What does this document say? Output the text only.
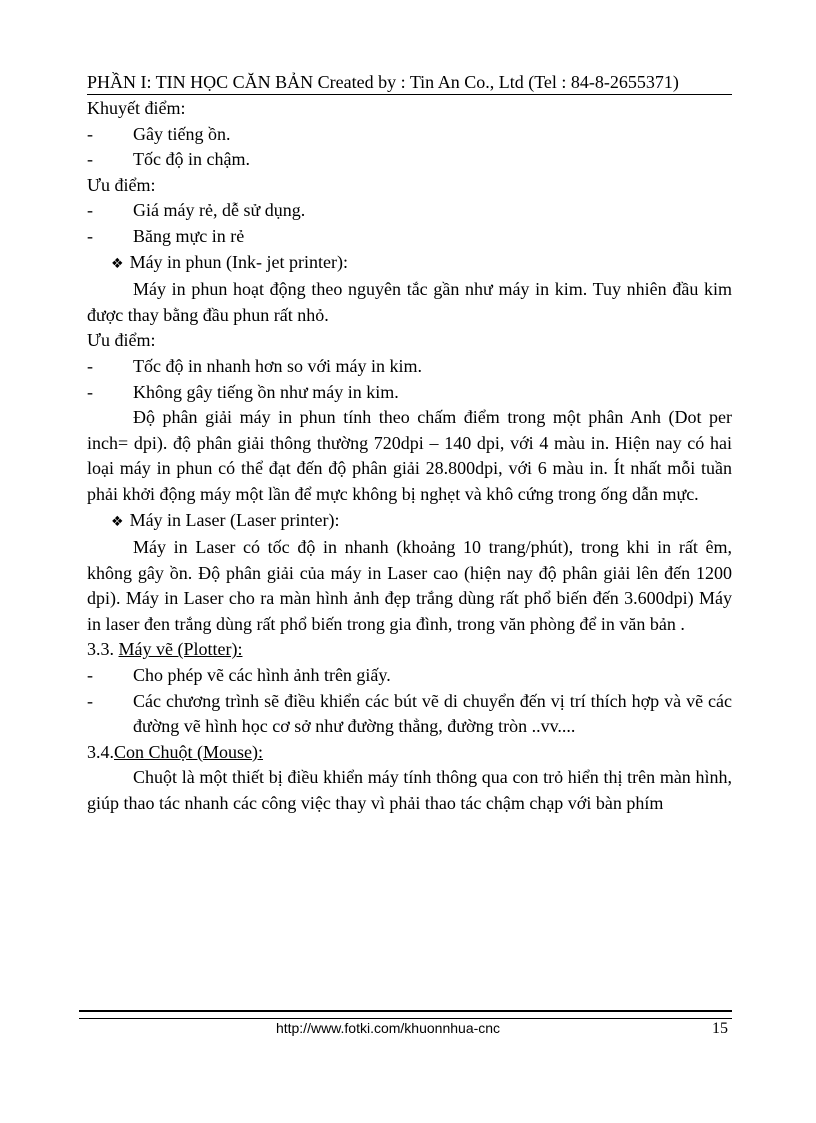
PHẦN I: TIN HỌC CĂN BẢN Created by : Tin An Co., Ltd (Tel : 84-8-2655371)

Khuyết điểm:

-	Gây tiếng ồn.
-	Tốc độ in chậm.

Ưu điểm:

-	Giá máy rẻ, dễ sử dụng.
-	Băng mực in rẻ

❖ Máy in phun (Ink- jet printer):

Máy in phun hoạt động theo nguyên tắc gần như máy in kim. Tuy nhiên đầu kim được thay bằng đầu phun rất nhỏ.

Ưu điểm:

-	Tốc độ in nhanh hơn so với máy in kim.
-	Không gây tiếng ồn như máy in kim.

Độ phân giải máy in phun tính theo chấm điểm trong một phân Anh (Dot per inch= dpi). độ phân giải thông thường 720dpi – 140 dpi, với 4 màu in. Hiện nay có hai loại máy in phun có thể đạt đến độ phân giải 28.800dpi, với 6 màu in. Ít nhất mỗi tuần phải khởi động máy một lần để mực không bị nghẹt và khô cứng trong ống dẫn mực.

❖ Máy in Laser (Laser printer):

Máy in Laser có tốc độ in nhanh (khoảng 10 trang/phút), trong khi in rất êm, không gây ồn. Độ phân giải của máy in Laser cao (hiện nay độ phân giải lên đến 1200 dpi). Máy in Laser cho ra màn hình ảnh đẹp trắng dùng rất phổ biến đến 3.600dpi) Máy in laser đen trắng dùng rất phổ biến trong gia đình, trong văn phòng để in văn bản .

3.3. Máy vẽ (Plotter):

-	Cho phép vẽ các hình ảnh trên giấy.
-	Các chương trình sẽ điều khiển các bút vẽ di chuyển đến vị trí thích hợp và vẽ các đường vẽ hình học cơ sở như đường thẳng, đường tròn ..vv....

3.4.Con Chuột (Mouse):

Chuột là một thiết bị điều khiển máy tính thông qua con trỏ hiển thị trên màn hình, giúp thao tác nhanh các công việc thay vì phải thao tác chậm chạp với bàn phím

http://www.fotki.com/khuonnhua-cnc	15
